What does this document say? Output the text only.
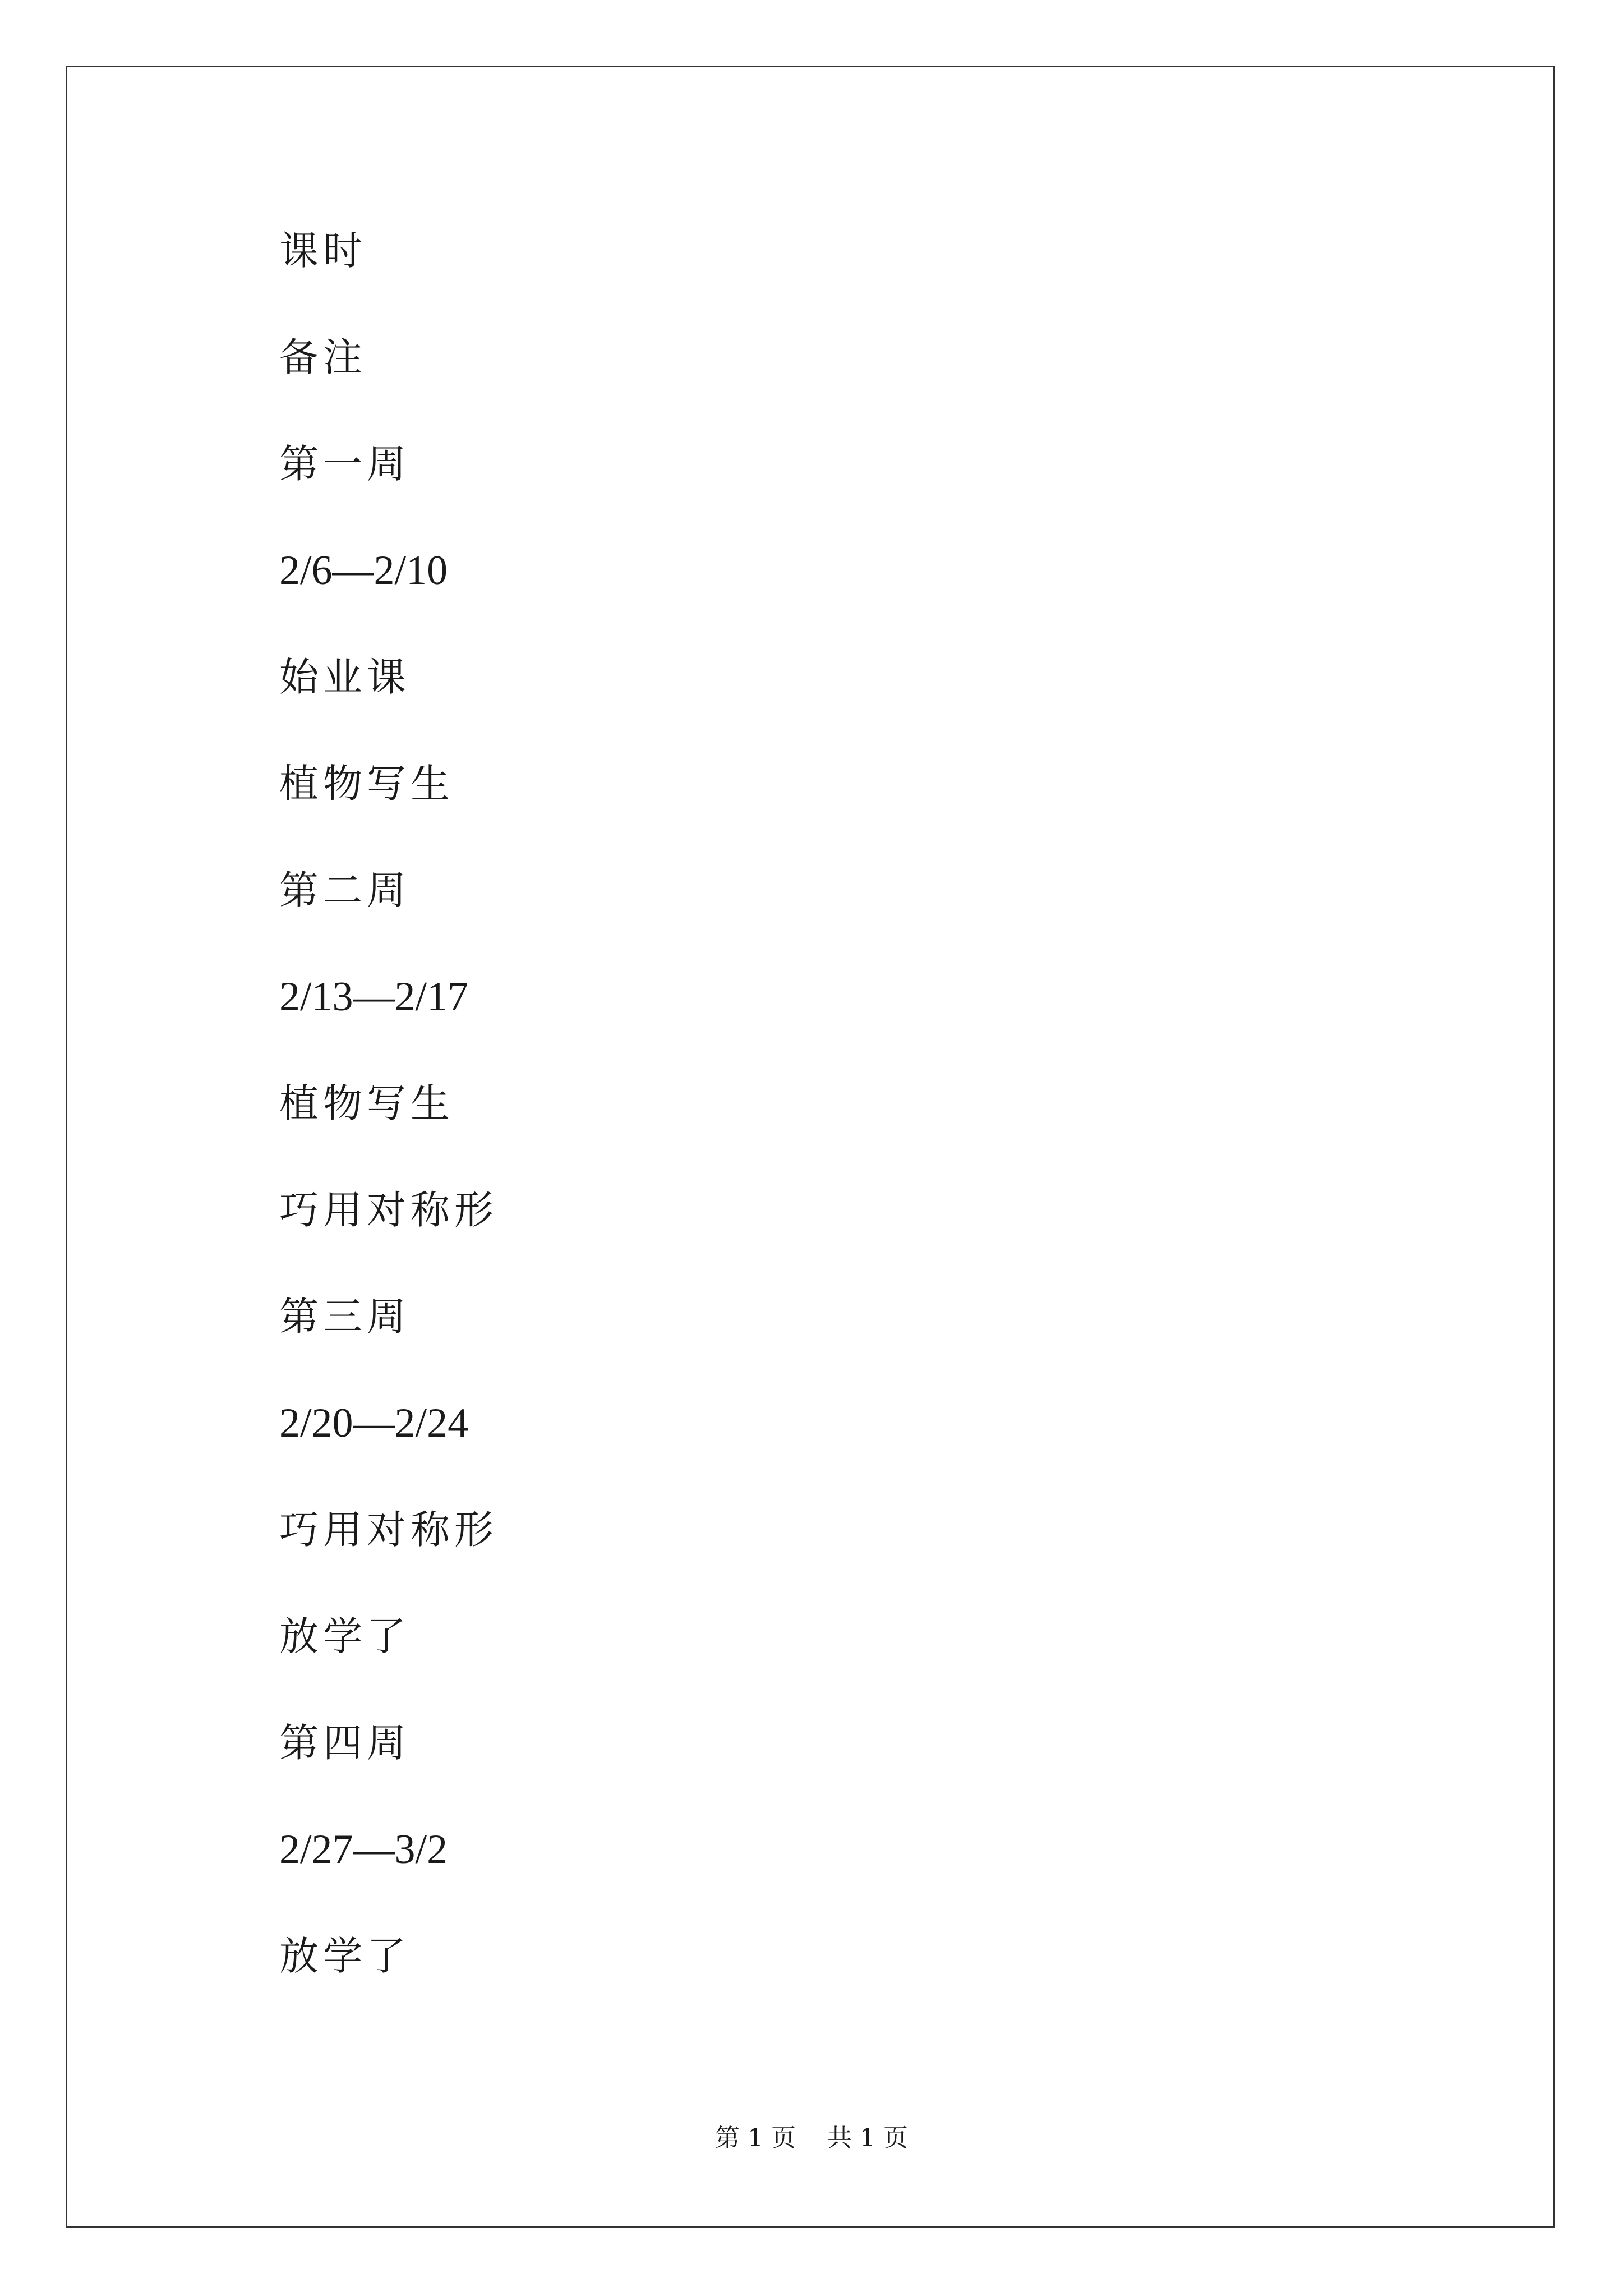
课时
备注
第一周
2/6—2/10
始业课
植物写生
第二周
2/13—2/17
植物写生
巧用对称形
第三周
2/20—2/24
巧用对称形
放学了
第四周
2/27—3/2
放学了
第 1 页 共 1 页
